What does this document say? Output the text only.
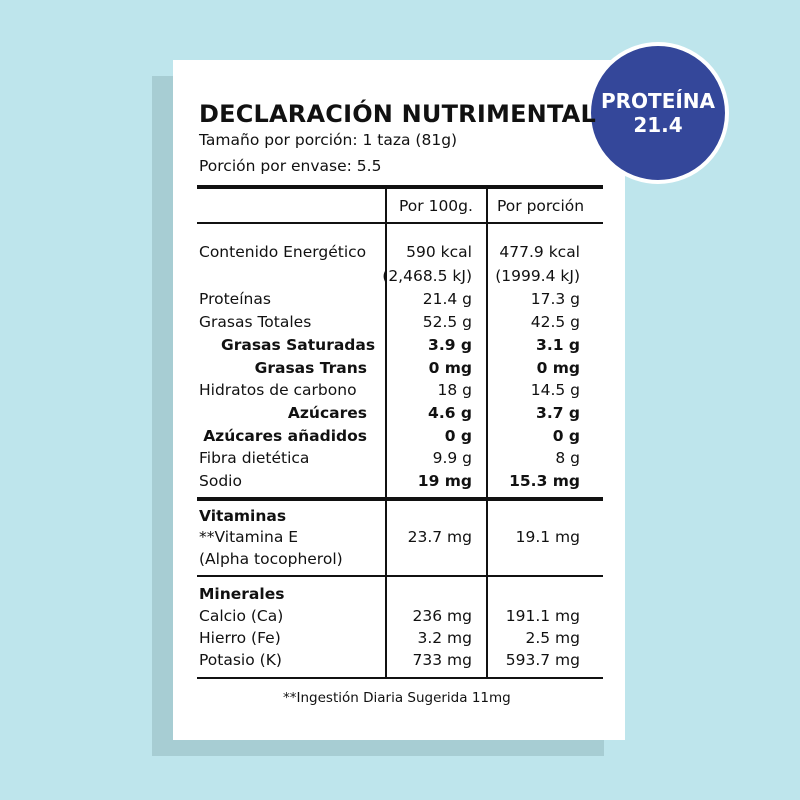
PROTEÍNA
21.4
DECLARACIÓN NUTRIMENTAL
Tamaño por porción: 1 taza (81g)
Porción por envase: 5.5
Por 100g. Por porción
Contenido Energético	590 kcal 477.9 kcal
(2,468.5 kJ) (1999.4 kJ)
Proteínas	21.4 g	17.3 g
Grasas Totales	52.5 g	42.5 g
Grasas Saturadas	3.9 g	3.1 g
Grasas Trans	0 mg	0 mg
Hidratos de carbono	18 g	14.5 g
Azúcares	4.6 g	3.7 g
Azúcares añadidos	0 g	0 g
Fibra dietética	9.9 g	8 g
Sodio	19 mg 15.3 mg
Vitaminas
**Vitamina E
(Alpha tocopherol)
23.7 mg	19.1 mg
Minerales
Calcio (Ca)	236 mg 191.1 mg
Hierro (Fe)	3.2 mg	2.5 mg
Potasio (K)	733 mg 593.7 mg
**Ingestión Diaria Sugerida 11mg
